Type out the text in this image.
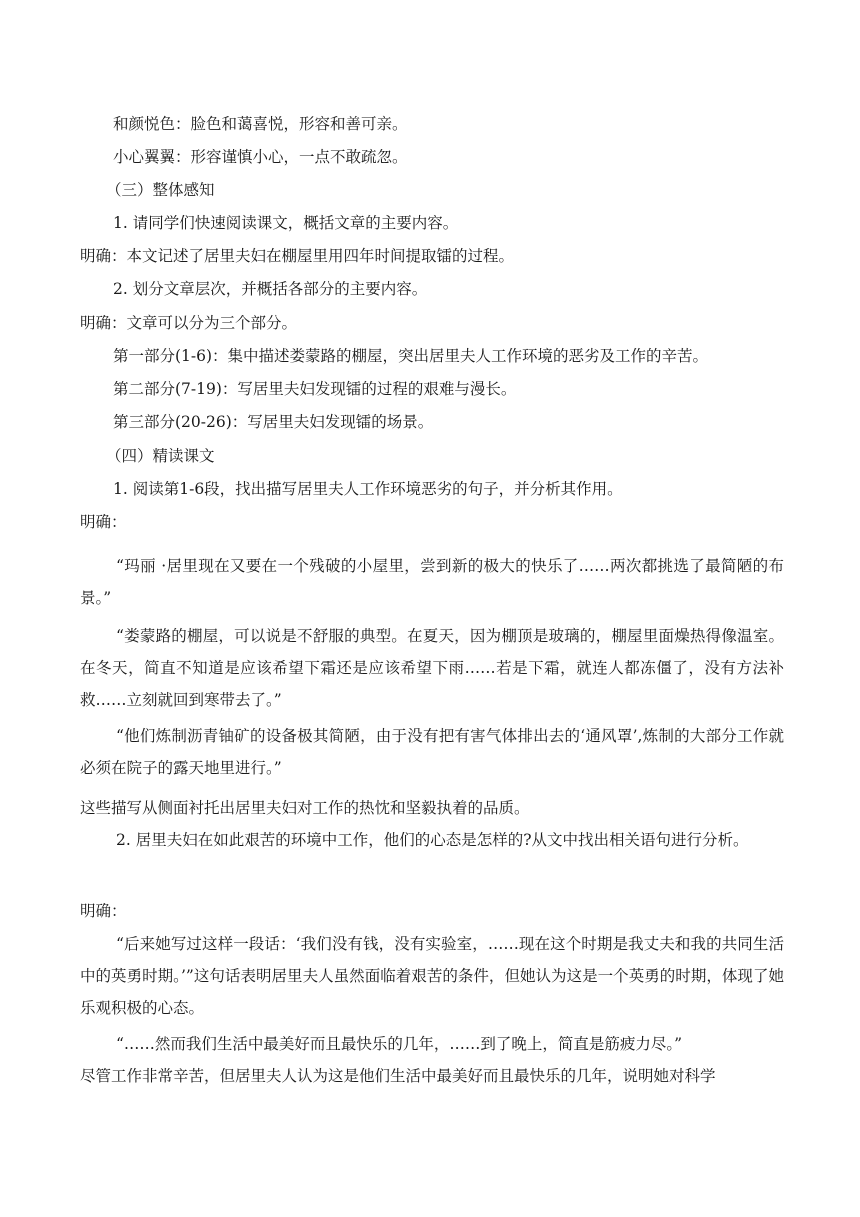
和颜悦色：脸色和蔼喜悦，形容和善可亲。
小心翼翼：形容谨慎小心，一点不敢疏忽。
（三）整体感知
1. 请同学们快速阅读课文，概括文章的主要内容。
明确：本文记述了居里夫妇在棚屋里用四年时间提取镭的过程。
2. 划分文章层次，并概括各部分的主要内容。
明确：文章可以分为三个部分。
第一部分(1-6)：集中描述娄蒙路的棚屋，突出居里夫人工作环境的恶劣及工作的辛苦。
第二部分(7-19)：写居里夫妇发现镭的过程的艰难与漫长。
第三部分(20-26)：写居里夫妇发现镭的场景。
（四）精读课文
1. 阅读第1-6段，找出描写居里夫人工作环境恶劣的句子，并分析其作用。
明确：
“玛丽 ·居里现在又要在一个残破的小屋里，尝到新的极大的快乐了……两次都挑选了最简陋的布景。”
“娄蒙路的棚屋，可以说是不舒服的典型。在夏天，因为棚顶是玻璃的，棚屋里面燥热得像温室。在冬天，简直不知道是应该希望下霜还是应该希望下雨……若是下霜，就连人都冻僵了，没有方法补救……立刻就回到寒带去了。”
“他们炼制沥青铀矿的设备极其简陋，由于没有把有害气体排出去的‘通风罩’,炼制的大部分工作就必须在院子的露天地里进行。”
这些描写从侧面衬托出居里夫妇对工作的热忱和坚毅执着的品质。
2. 居里夫妇在如此艰苦的环境中工作，他们的心态是怎样的?从文中找出相关语句进行分析。
明确：
“后来她写过这样一段话：‘我们没有钱，没有实验室，……现在这个时期是我丈夫和我的共同生活中的英勇时期。’”这句话表明居里夫人虽然面临着艰苦的条件，但她认为这是一个英勇的时期，体现了她乐观积极的心态。
“……然而我们生活中最美好而且最快乐的几年，……到了晚上，简直是筋疲力尽。”
尽管工作非常辛苦，但居里夫人认为这是他们生活中最美好而且最快乐的几年，说明她对科学
